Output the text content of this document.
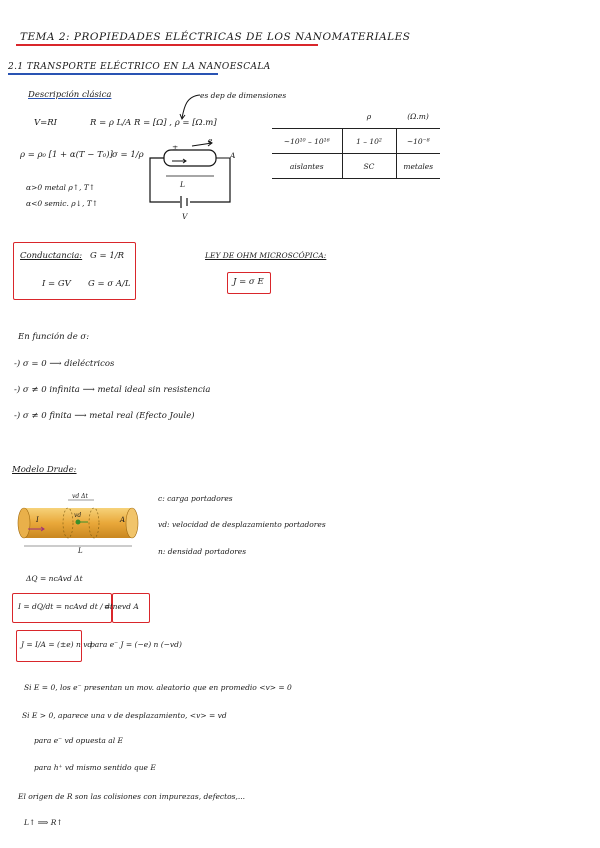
TEMA 2: PROPIEDADES ELÉCTRICAS DE LOS NANOMATERIALES
2.1 TRANSPORTE ELÉCTRICO EN LA NANOESCALA
Descripción clásica	es dep de dimensiones
V=RI	R = ρ L/A R = [Ω] , ρ = [Ω.m]
ρ = ρ₀ [1 + α(T − T₀)] σ = 1/ρ
α>0 metal ρ↑, T↑
α<0 semic. ρ↓, T↑
±
e
A
L
V
	ρ	(Ω.m)
~10¹⁰ – 10¹⁶	1 – 10²	~10⁻⁸
aislantes	SC	metales
Conductancia: G = 1/R
I = GV G = σ A/L
LEY DE OHM MICROSCÓPICA:
J = σ E
En función de σ:
-) σ = 0 ⟶ dieléctricos
-) σ ≠ 0 infinita ⟶ metal ideal sin resistencia
-) σ ≠ 0 finita ⟶ metal real (Efecto Joule)
Modelo Drude:
vd Δt
I
vd
A
L
c: carga portadores
vd: velocidad de desplazamiento portadores
n: densidad portadores
ΔQ = ncAvd Δt
I = dQ/dt = ncAvd dt / dt
= nevd A
J = I/A = (±e) n vd
para e⁻ J = (−e) n (−vd)
Si E = 0, los e⁻ presentan un mov. aleatorio que en promedio <v> = 0
Si E > 0, aparece una v de desplazamiento, <v> = vd
para e⁻ vd opuesta al E
para h⁺ vd mismo sentido que E
El origen de R son las colisiones con impurezas, defectos,...
L↑ ⟹ R↑
